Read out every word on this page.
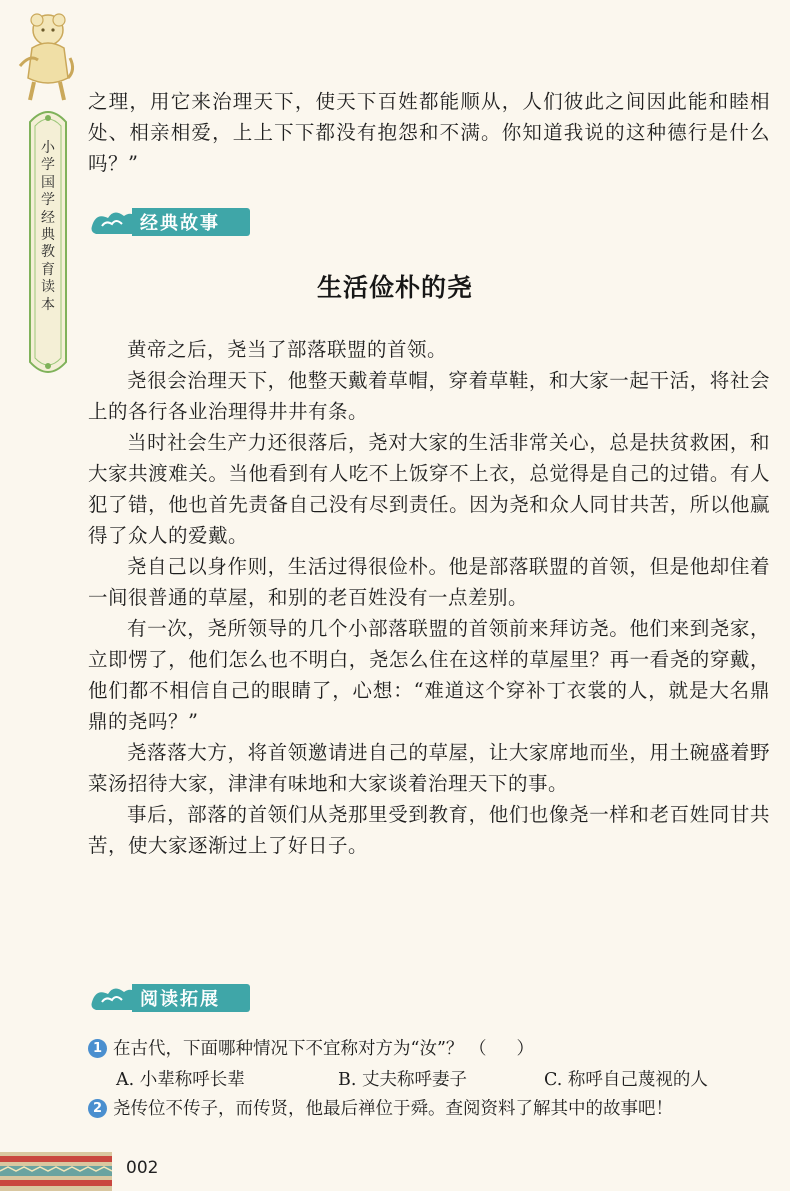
小学国学经典教育读本

之理，用它来治理天下，使天下百姓都能顺从，人们彼此之间因此能和睦相处、相亲相爱，上上下下都没有抱怨和不满。你知道我说的这种德行是什么吗？”

经典故事
生活俭朴的尧

黄帝之后，尧当了部落联盟的首领。

尧很会治理天下，他整天戴着草帽，穿着草鞋，和大家一起干活，将社会上的各行各业治理得井井有条。

当时社会生产力还很落后，尧对大家的生活非常关心，总是扶贫救困，和大家共渡难关。当他看到有人吃不上饭穿不上衣，总觉得是自己的过错。有人犯了错，他也首先责备自己没有尽到责任。因为尧和众人同甘共苦，所以他赢得了众人的爱戴。

尧自己以身作则，生活过得很俭朴。他是部落联盟的首领，但是他却住着一间很普通的草屋，和别的老百姓没有一点差别。

有一次，尧所领导的几个小部落联盟的首领前来拜访尧。他们来到尧家，立即愣了，他们怎么也不明白，尧怎么住在这样的草屋里？再一看尧的穿戴，他们都不相信自己的眼睛了，心想：“难道这个穿补丁衣裳的人，就是大名鼎鼎的尧吗？”

尧落落大方，将首领邀请进自己的草屋，让大家席地而坐，用土碗盛着野菜汤招待大家，津津有味地和大家谈着治理天下的事。

事后，部落的首领们从尧那里受到教育，他们也像尧一样和老百姓同甘共苦，使大家逐渐过上了好日子。

阅读拓展
1 在古代，下面哪种情况下不宜称对方为“汝”？ （ ）
A. 小辈称呼长辈	B. 丈夫称呼妻子	C. 称呼自己蔑视的人
2 尧传位不传子，而传贤，他最后禅位于舜。查阅资料了解其中的故事吧！
002
